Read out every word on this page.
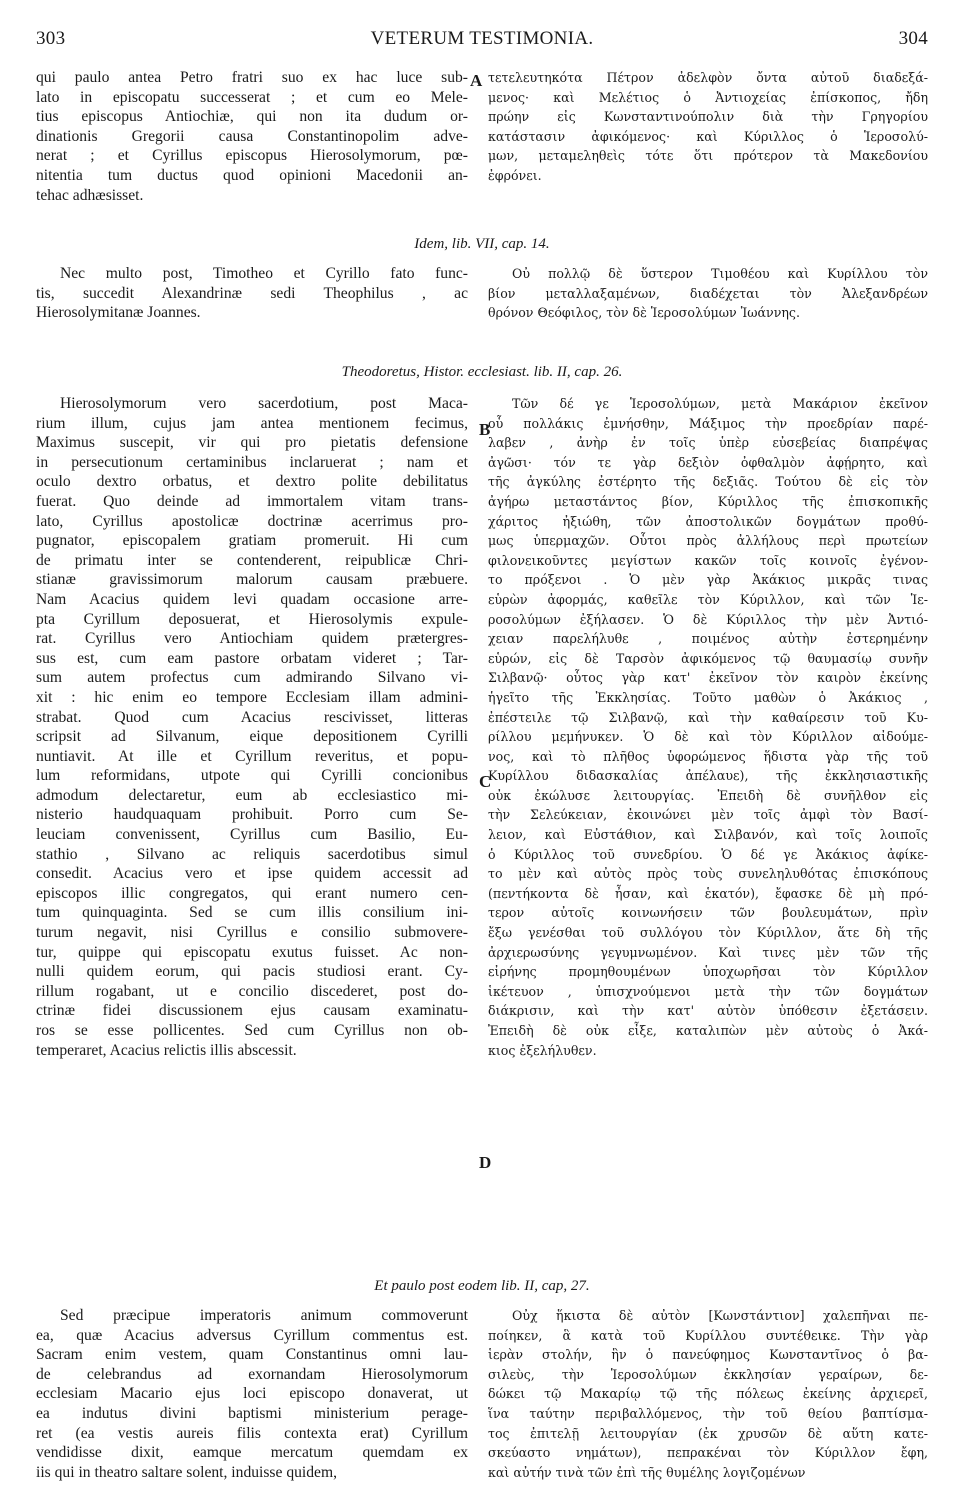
303	VETERUM TESTIMONIA.	304
qui paulo antea Petro fratri suo ex hac luce sub-
lato in episcopatu successerat ; et cum eo Mele-
tius episcopus Antiochiæ, qui non ita dudum or-
dinationis Gregorii causa Constantinopolim adve-
nerat ; et Cyrillus episcopus Hierosolymorum, pœ-
nitentia tum ductus quod opinioni Macedonii an-
tehac adhæsisset.
τετελευτηκότα Πέτρον ἀδελφὸν ὄντα αὐτοῦ διαδεξά-
μενος· καὶ Μελέτιος ὁ Ἀντιοχείας ἐπίσκοπος, ἤδη
πρώην εἰς Κωνσταντινούπολιν διὰ τὴν Γρηγορίου
κατάστασιν ἀφικόμενος· καὶ Κύριλλος ὁ Ἱεροσολύ-
μων, μεταμεληθεὶς τότε ὅτι πρότερον τὰ Μακεδονίου
ἐφρόνει.
A
Idem, lib. VII, cap. 14.
Nec multo post, Timotheo et Cyrillo fato func-
tis, succedit Alexandrinæ sedi Theophilus , ac
Hierosolymitanæ Joannes.
Οὐ πολλῷ δὲ ὕστερον Τιμοθέου καὶ Κυρίλλου τὸν
βίον μεταλλαξαμένων, διαδέχεται τὸν Ἀλεξανδρέων
θρόνον Θεόφιλος, τὸν δὲ Ἱεροσολύμων Ἰωάννης.
Theodoretus, Histor. ecclesiast. lib. II, cap. 26.
Hierosolymorum vero sacerdotium, post Maca-
rium illum, cujus jam antea mentionem fecimus,
Maximus suscepit, vir qui pro pietatis defensione
in persecutionum certaminibus inclaruerat ; nam et
oculo dextro orbatus, et dextro polite debilitatus
fuerat. Quo deinde ad immortalem vitam trans-
lato, Cyrillus apostolicæ doctrinæ acerrimus pro-
pugnator, episcopalem gratiam promeruit. Hi cum
de primatu inter se contenderent, reipublicæ Chri-
stianæ gravissimorum malorum causam præbuere.
Nam Acacius quidem levi quadam occasione arre-
pta Cyrillum deposuerat, et Hierosolymis expulе-
rat. Cyrillus vero Antiochiam quidem prætergres-
sus est, cum eam pastore orbatam videret ; Tar-
sum autem profectus cum admirando Silvano vi-
xit : hic enim eo tempore Ecclesiam illam admini-
strabat. Quod cum Acacius rescivisset, litteras
scripsit ad Silvanum, eique depositionem Cyrilli
nuntiavit. At ille et Cyrillum reveritus, et popu-
lum reformidans, utpote qui Cyrilli concionibus
admodum delectaretur, eum ab ecclesiastico mi-
nisterio haudquaquam prohibuit. Porro cum Se-
leuciam convenissent, Cyrillus cum Basilio, Eu-
stathio , Silvano ac reliquis sacerdotibus simul
consedit. Acacius vero et ipse quidem accessit ad
episcopos illic congregatos, qui erant numero cen-
tum quinquaginta. Sed se cum illis consilium ini-
turum negavit, nisi Cyrillus e consilio submovere-
tur, quippe qui episcopatu exutus fuisset. Ac non-
nulli quidem eorum, qui pacis studiosi erant. Cy-
rillum rogabant, ut e concilio discederet, post do-
ctrinæ fidei discussionem ejus causam examinatu-
ros se esse pollicentes. Sed cum Cyrillus non ob-
temperaret, Acacius relictis illis abscessit.
Τῶν δέ γε Ἱεροσολύμων, μετὰ Μακάριον ἐκεῖνον
οὗ πολλάκις ἐμνήσθην, Μάξιμος τὴν προεδρίαν παρέ-
λαβεν , ἀνὴρ ἐν τοῖς ὑπὲρ εὐσεβείας διαπρέψας
ἀγῶσι· τόν τε γὰρ δεξιὸν ὀφθαλμὸν ἀφῄρητο, καὶ
τῆς ἀγκύλης ἐστέρητο τῆς δεξιᾶς. Τούτου δὲ εἰς τὸν
ἀγήρω μεταστάντος βίον, Κύριλλος τῆς ἐπισκοπικῆς
χάριτος ἠξιώθη, τῶν ἀποστολικῶν δογμάτων προθύ-
μως ὑπερμαχῶν. Οὗτοι πρὸς ἀλλήλους περὶ πρωτείων
φιλονεικοῦντες μεγίστων κακῶν τοῖς κοινοῖς ἐγένον-
το πρόξενοι . Ὁ μὲν γὰρ Ἀκάκιος μικρᾶς τινας
εὑρὼν ἀφορμάς, καθεῖλε τὸν Κύριλλον, καὶ τῶν Ἱε-
ροσολύμων ἐξήλασεν. Ὁ δὲ Κύριλλος τὴν μὲν Ἀντιό-
χειαν παρελήλυθε , ποιμένος αὐτὴν ἐστερημένην
εὑρών, εἰς δὲ Ταρσὸν ἀφικόμενος τῷ θαυμασίῳ συνῆν
Σιλβανῷ· οὗτος γὰρ κατ' ἐκεῖνον τὸν καιρὸν ἐκείνης
ἡγεῖτο τῆς Ἐκκλησίας. Τοῦτο μαθὼν ὁ Ἀκάκιος ,
ἐπέστειλε τῷ Σιλβανῷ, καὶ τὴν καθαίρεσιν τοῦ Κυ-
ρίλλου μεμήνυκεν. Ὁ δὲ καὶ τὸν Κύριλλον αἰδούμε-
νος, καὶ τὸ πλῆθος ὑφορώμενος ἥδιστα γὰρ τῆς τοῦ
Κυρίλλου διδασκαλίας ἀπέλαυε), τῆς ἐκκλησιαστικῆς
οὐκ ἐκώλυσε λειτουργίας. Ἐπειδὴ δὲ συνῆλθον εἰς
τὴν Σελεύκειαν, ἐκοινώνει μὲν τοῖς ἀμφὶ τὸν Βασί-
λειον, καὶ Εὐστάθιον, καὶ Σιλβανόν, καὶ τοῖς λοιποῖς
ὁ Κύριλλος τοῦ συνεδρίου. Ὁ δέ γε Ἀκάκιος ἀφίκε-
το μὲν καὶ αὐτὸς πρὸς τοὺς συνεληλυθότας ἐπισκόπους
(πεντήκοντα δὲ ἦσαν, καὶ ἑκατόν), ἔφασκε δὲ μὴ πρό-
τερον αὐτοῖς κοινωνήσειν τῶν βουλευμάτων, πρὶν
ἔξω γενέσθαι τοῦ συλλόγου τὸν Κύριλλον, ἅτε δὴ τῆς
ἀρχιερωσύνης γεγυμνωμένον. Καὶ τινες μὲν τῶν τῆς
εἰρήνης προμηθουμένων ὑποχωρῆσαι τὸν Κύριλλον
ἱκέτευον , ὑπισχνούμενοι μετὰ τὴν τῶν δογμάτων
διάκρισιν, καὶ τὴν κατ' αὐτὸν ὑπόθεσιν ἐξετάσειν.
Ἐπειδὴ δὲ οὐκ εἶξε, καταλιπὼν μὲν αὐτοὺς ὁ Ἀκά-
κιος ἐξελήλυθεν.
B
C
D
Et paulo post eodem lib. II, cap, 27.
Sed præcipue imperatoris animum commoverunt
ea, quæ Acacius adversus Cyrillum commentus est.
Sacram enim vestem, quam Constantinus omni lau-
de celebrandus ad exornandam Hierosolymorum
ecclesiam Macario ejus loci episcopo donaverat, ut
ea indutus divini baptismi ministerium perage-
ret (ea vestis aureis filis contexta erat) Cyrillum
vendidisse dixit, eamque mercatum quemdam ex
iis qui in theatro saltare solent, induisse quidem,
Οὐχ ἥκιστα δὲ αὐτὸν [Κωνστάντιον] χαλεπῆναι πε-
ποίηκεν, ἃ κατὰ τοῦ Κυρίλλου συντέθεικε. Τὴν γὰρ
ἱερὰν στολήν, ἣν ὁ πανεύφημος Κωνσταντῖνος ὁ βα-
σιλεὺς, τὴν Ἱεροσολύμων ἐκκλησίαν γεραίρων, δε-
δώκει τῷ Μακαρίῳ τῷ τῆς πόλεως ἐκείνης ἀρχιερεῖ,
ἵνα ταύτην περιβαλλόμενος, τὴν τοῦ θείου βαπτίσμα-
τος ἐπιτελῇ λειτουργίαν (ἐκ χρυσῶν δὲ αὕτη κατε-
σκεύαστο νημάτων), πεπρακέναι τὸν Κύριλλον ἔφη,
καὶ αὐτήν τινὰ τῶν ἐπὶ τῆς θυμέλης λογιζομένων
